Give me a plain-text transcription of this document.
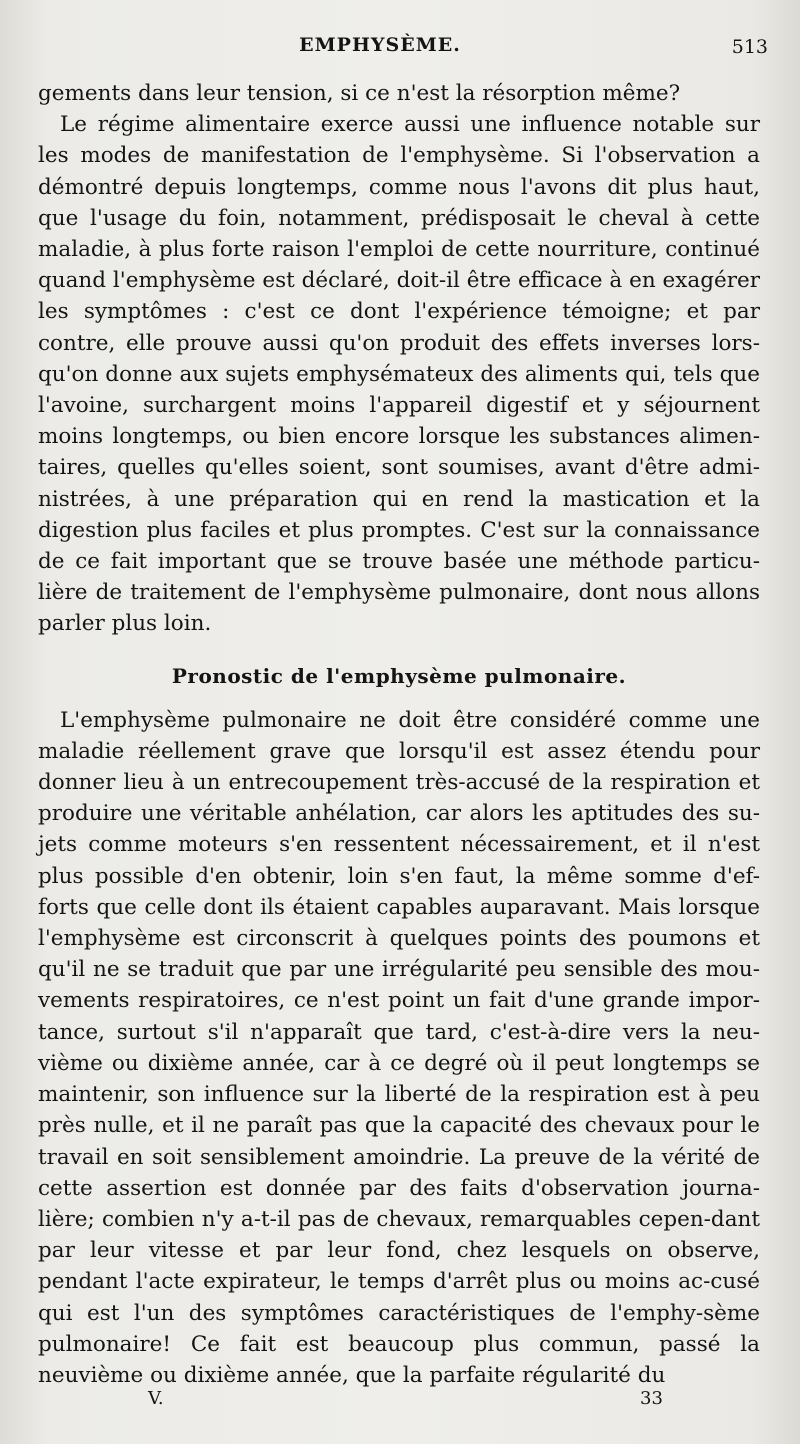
EMPHYSÈME.	513

gements dans leur tension, si ce n'est la résorption même?

Le régime alimentaire exerce aussi une influence notable sur les modes de manifestation de l'emphysème. Si l'observation a démontré depuis longtemps, comme nous l'avons dit plus haut, que l'usage du foin, notamment, prédisposait le cheval à cette maladie, à plus forte raison l'emploi de cette nourriture, continué quand l'emphysème est déclaré, doit-il être efficace à en exagérer les symptômes : c'est ce dont l'expérience témoigne; et par contre, elle prouve aussi qu'on produit des effets inverses lors-qu'on donne aux sujets emphysémateux des aliments qui, tels que l'avoine, surchargent moins l'appareil digestif et y séjournent moins longtemps, ou bien encore lorsque les substances alimen-taires, quelles qu'elles soient, sont soumises, avant d'être admi-nistrées, à une préparation qui en rend la mastication et la digestion plus faciles et plus promptes. C'est sur la connaissance de ce fait important que se trouve basée une méthode particu-lière de traitement de l'emphysème pulmonaire, dont nous allons parler plus loin.

Pronostic de l'emphysème pulmonaire.

L'emphysème pulmonaire ne doit être considéré comme une maladie réellement grave que lorsqu'il est assez étendu pour donner lieu à un entrecoupement très-accusé de la respiration et produire une véritable anhélation, car alors les aptitudes des su-jets comme moteurs s'en ressentent nécessairement, et il n'est plus possible d'en obtenir, loin s'en faut, la même somme d'ef-forts que celle dont ils étaient capables auparavant. Mais lorsque l'emphysème est circonscrit à quelques points des poumons et qu'il ne se traduit que par une irrégularité peu sensible des mou-vements respiratoires, ce n'est point un fait d'une grande impor-tance, surtout s'il n'apparaît que tard, c'est-à-dire vers la neu-vième ou dixième année, car à ce degré où il peut longtemps se maintenir, son influence sur la liberté de la respiration est à peu près nulle, et il ne paraît pas que la capacité des chevaux pour le travail en soit sensiblement amoindrie. La preuve de la vérité de cette assertion est donnée par des faits d'observation journa-lière; combien n'y a-t-il pas de chevaux, remarquables cepen-dant par leur vitesse et par leur fond, chez lesquels on observe, pendant l'acte expirateur, le temps d'arrêt plus ou moins ac-cusé qui est l'un des symptômes caractéristiques de l'emphy-sème pulmonaire! Ce fait est beaucoup plus commun, passé la neuvième ou dixième année, que la parfaite régularité du

V.	33
